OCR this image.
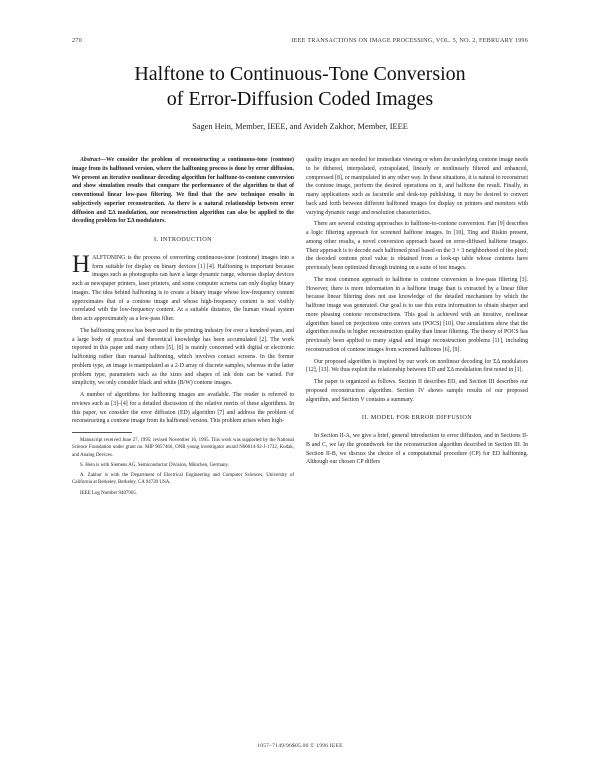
270	IEEE TRANSACTIONS ON IMAGE PROCESSING, VOL. 5, NO. 2, FEBRUARY 1996
Halftone to Continuous-Tone Conversion
of Error-Diffusion Coded Images
Sagen Hein, Member, IEEE, and Avideh Zakhor, Member, IEEE

Abstract—We consider the problem of reconstructing a continuous-tone (contone) image from its halftoned version, where the halftoning process is done by error diffusion. We present an iterative nonlinear decoding algorithm for halftone-to-contone conversion and show simulation results that compare the performance of the algorithm to that of conventional linear low-pass filtering. We find that the new technique results in subjectively superior reconstruction. As there is a natural relationship between error diffusion and ΣΔ modulation, our reconstruction algorithm can also be applied to the decoding problem for ΣΔ modulators.

I. INTRODUCTION

HALFTONING is the process of converting continuous-tone (contone) images into a form suitable for display on binary devices [1] [4]. Halftoning is important because images such as photographs can have a large dynamic range, whereas display devices such as newspaper printers, laser printers, and some computer screens can only display binary images. The idea behind halftoning is to create a binary image whose low-frequency content approximates that of a contone image and whose high-frequency content is not visibly correlated with the low-frequency content. At a suitable distance, the human visual system then acts approximately as a low-pass filter.

The halftoning process has been used in the printing industry for over a hundred years, and a large body of practical and theoretical knowledge has been accumulated [2]. The work reported in this paper and many others [5], [6] is mainly concerned with digital or electronic halftoning rather than manual halftoning, which involves contact screens. In the former problem type, an image is manipulated as a 2-D array of discrete samples, whereas in the latter problem type, parameters such as the sizes and shapes of ink dots can be varied. For simplicity, we only consider black and white (B/W) contone images.

A number of algorithms for halftoning images are available. The reader is referred to reviews such as [3]–[4] for a detailed discussion of the relative merits of these algorithms. In this paper, we consider the error diffusion (ED) algorithm [7] and address the problem of reconstructing a contone image from its halftoned version. This problem arises when high-

Manuscript received June 27, 1995; revised November 16, 1995. This work was supported by the National Science Foundation under grant no. MIP 9057466, ONR young investigator award N00014-92-J-1732, Kodak, and Analog Devices.

S. Hein is with Siemens AG, Semiconductor Division, München, Germany.

A. Zakhor is with the Department of Electrical Engineering and Computer Sciences, University of California at Berkeley, Berkeley, CA 94720 USA.

IEEE Log Number 9407965.

quality images are needed for immediate viewing or when the underlying contone image needs to be dithered, interpolated, extrapolated, linearly or nonlinearly filtered and enhanced, compressed [8], or manipulated in any other way. In these situations, it is natural to reconstruct the contone image, perform the desired operations on it, and halftone the result. Finally, in many applications such as facsimile and desk-top publishing, it may be desired to convert back and forth between different halftoned images for display on printers and monitors with varying dynamic range and resolution characteristics.

There are several existing approaches to halftone-to-contone conversion. Fan [9] describes a logic filtering approach for screened halftone images. In [10], Ting and Riskin present, among other results, a novel conversion approach based on error-diffused halftone images. Their approach is to decode each halftoned pixel based on the 3 × 3 neighborhood of the pixel; the decoded contone pixel value is obtained from a look-up table whose contents have previously been optimized through training on a suite of test images.

The most common approach to halftone to contone conversion is low-pass filtering [3]. However, there is more information in a halftone image than is extracted by a linear filter because linear filtering does not use knowledge of the detailed mechanism by which the halftone image was generated. Our goal is to use this extra information to obtain sharper and more pleasing contone reconstructions. This goal is achieved with an iterative, nonlinear algorithm based on projections onto convex sets (POCS) [10]. Our simulations show that the algorithm results in higher reconstruction quality than linear filtering. The theory of POCS has previously been applied to many signal and image reconstruction problems [11], including reconstruction of contone images from screened halftones [6], [9].

Our proposed algorithm is inspired by our work on nonlinear decoding for ΣΔ modulators [12], [13]. We thus exploit the relationship between ED and ΣΔ modulation first noted in [1].

The paper is organized as follows. Section II describes ED, and Section III describes our proposed reconstruction algorithm. Section IV shows sample results of our proposed algorithm, and Section V contains a summary.

II. MODEL FOR ERROR DIFFUSION

In Section II-A, we give a brief, general introduction to error diffusion, and in Sections II-B and C, we lay the groundwork for the reconstruction algorithm described in Section III. In Section II-B, we discuss the choice of a computational procedure (CP) for ED halftoning. Although our chosen CP differs

1057–7149/96$05.00 © 1996 IEEE
